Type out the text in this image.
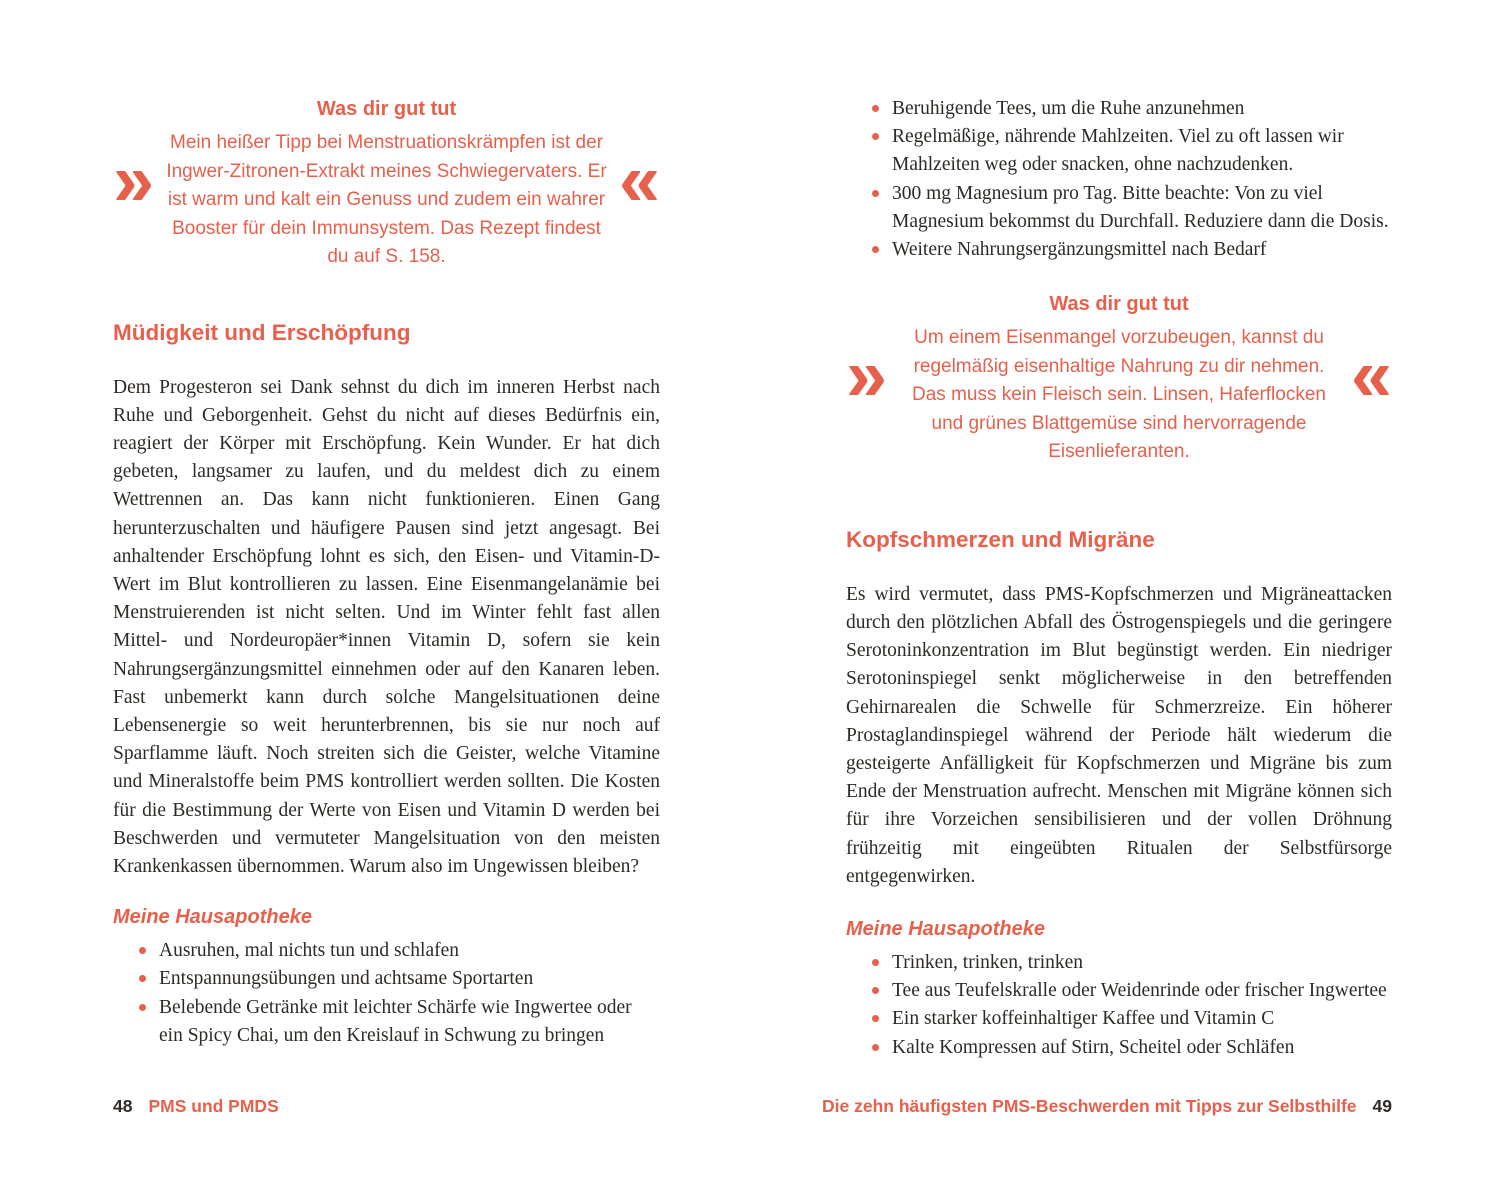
»
Was dir gut tut
Mein heißer Tipp bei Menstruationskrämpfen ist der Ingwer-Zitronen-Extrakt meines Schwiegervaters. Er ist warm und kalt ein Genuss und zudem ein wahrer Booster für dein Immunsystem. Das Rezept findest du auf S. 158.
«
Müdigkeit und Erschöpfung

Dem Progesteron sei Dank sehnst du dich im inneren Herbst nach Ruhe und Geborgenheit. Gehst du nicht auf dieses Bedürfnis ein, reagiert der Körper mit Erschöpfung. Kein Wunder. Er hat dich gebeten, langsamer zu laufen, und du meldest dich zu einem Wettrennen an. Das kann nicht funktionieren. Einen Gang herunterzuschalten und häufigere Pausen sind jetzt angesagt. Bei anhaltender Erschöpfung lohnt es sich, den Eisen- und Vitamin-D-Wert im Blut kontrollieren zu lassen. Eine Eisenmangelanämie bei Menstruierenden ist nicht selten. Und im Winter fehlt fast allen Mittel- und Nordeuropäer*innen Vitamin D, sofern sie kein Nahrungsergänzungsmittel einnehmen oder auf den Kanaren leben. Fast unbemerkt kann durch solche Mangelsituationen deine Lebensenergie so weit herunterbrennen, bis sie nur noch auf Sparflamme läuft. Noch streiten sich die Geister, welche Vitamine und Mineralstoffe beim PMS kontrolliert werden sollten. Die Kosten für die Bestimmung der Werte von Eisen und Vitamin D werden bei Beschwerden und vermuteter Mangelsituation von den meisten Krankenkassen übernommen. Warum also im Ungewissen bleiben?

Meine Hausapotheke
Ausruhen, mal nichts tun und schlafen
Entspannungsübungen und achtsame Sportarten
Belebende Getränke mit leichter Schärfe wie Ingwertee oder ein Spicy Chai, um den Kreislauf in Schwung zu bringen
Beruhigende Tees, um die Ruhe anzunehmen
Regelmäßige, nährende Mahlzeiten. Viel zu oft lassen wir Mahlzeiten weg oder snacken, ohne nachzudenken.
300 mg Magnesium pro Tag. Bitte beachte: Von zu viel Magnesium bekommst du Durchfall. Reduziere dann die Dosis.
Weitere Nahrungsergänzungsmittel nach Bedarf
»
Was dir gut tut
Um einem Eisenmangel vorzubeugen, kannst du regelmäßig eisenhaltige Nahrung zu dir nehmen. Das muss kein Fleisch sein. Linsen, Haferflocken und grünes Blattgemüse sind hervorragende Eisenlieferanten.
«
Kopfschmerzen und Migräne

Es wird vermutet, dass PMS-Kopfschmerzen und Migräneattacken durch den plötzlichen Abfall des Östrogenspiegels und die geringere Serotoninkonzentration im Blut begünstigt werden. Ein niedriger Serotoninspiegel senkt möglicherweise in den betreffenden Gehirnarealen die Schwelle für Schmerzreize. Ein höherer Prostaglandinspiegel während der Periode hält wiederum die gesteigerte Anfälligkeit für Kopfschmerzen und Migräne bis zum Ende der Menstruation aufrecht. Menschen mit Migräne können sich für ihre Vorzeichen sensibilisieren und der vollen Dröhnung frühzeitig mit eingeübten Ritualen der Selbstfürsorge entgegenwirken.

Meine Hausapotheke
Trinken, trinken, trinken
Tee aus Teufelskralle oder Weidenrinde oder frischer Ingwertee
Ein starker koffeinhaltiger Kaffee und Vitamin C
Kalte Kompressen auf Stirn, Scheitel oder Schläfen
48 PMS und PMDS	Die zehn häufigsten PMS-Beschwerden mit Tipps zur Selbsthilfe 49
